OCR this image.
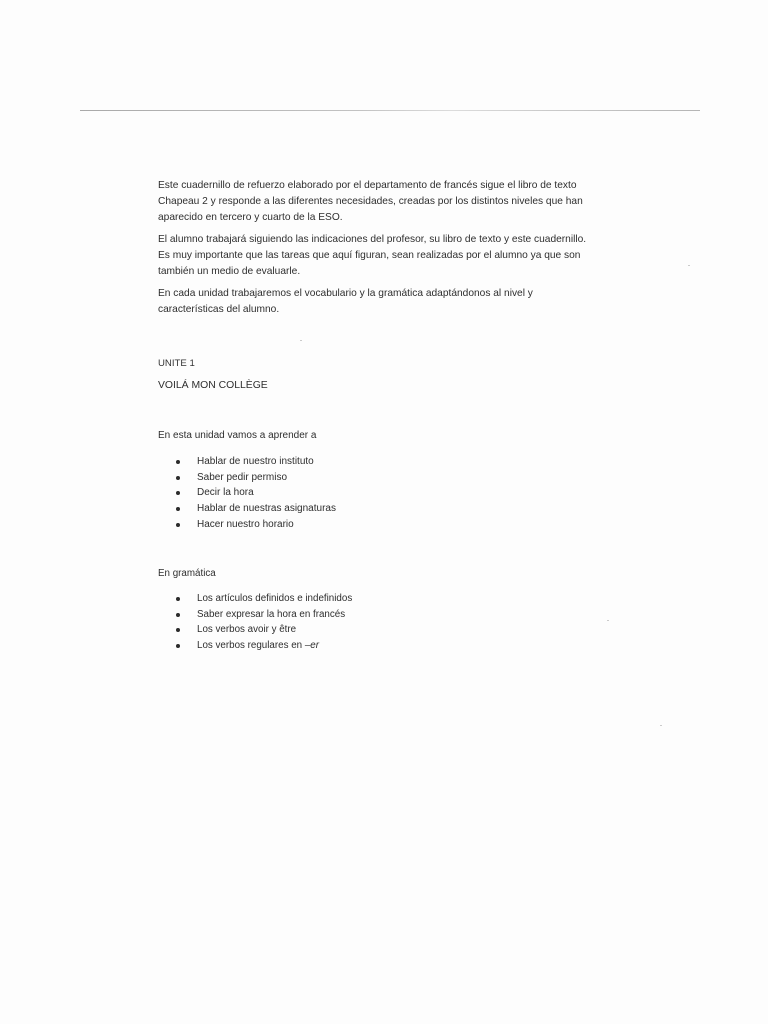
Este cuadernillo de refuerzo elaborado por el departamento de francés sigue el libro de texto
Chapeau 2 y responde a las diferentes necesidades, creadas por los distintos niveles que han
aparecido en tercero y cuarto de la ESO.

El alumno trabajará siguiendo las indicaciones del profesor, su libro de texto y este cuadernillo.
Es muy importante que las tareas que aquí figuran, sean realizadas por el alumno ya que son
también un medio de evaluarle.

En cada unidad trabajaremos el vocabulario y la gramática adaptándonos al nivel y
características del alumno.

UNITE 1
VOILÁ MON COLLÈGE
En esta unidad vamos a aprender a
Hablar de nuestro instituto
Saber pedir permiso
Decir la hora
Hablar de nuestras asignaturas
Hacer nuestro horario
En gramática
Los artículos definidos e indefinidos
Saber expresar la hora en francés
Los verbos avoir y être
Los verbos regulares en –er
